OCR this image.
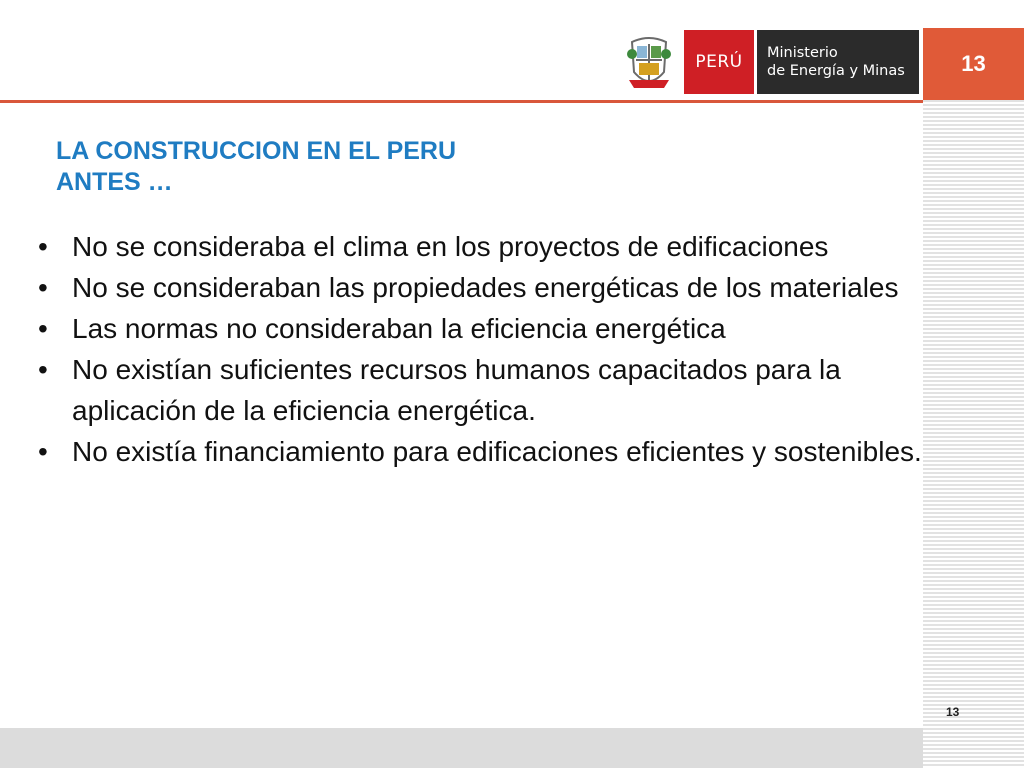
13
PERÚ Ministerio
de Energía y Minas
LA CONSTRUCCION EN EL PERU
ANTES …
• No se consideraba el clima en los proyectos de edificaciones
• No se consideraban las propiedades energéticas de los materiales
• Las normas no consideraban la eficiencia energética
• No existían suficientes recursos humanos capacitados para la aplicación de la eficiencia energética.
• No existía financiamiento para edificaciones eficientes y sostenibles.
13
